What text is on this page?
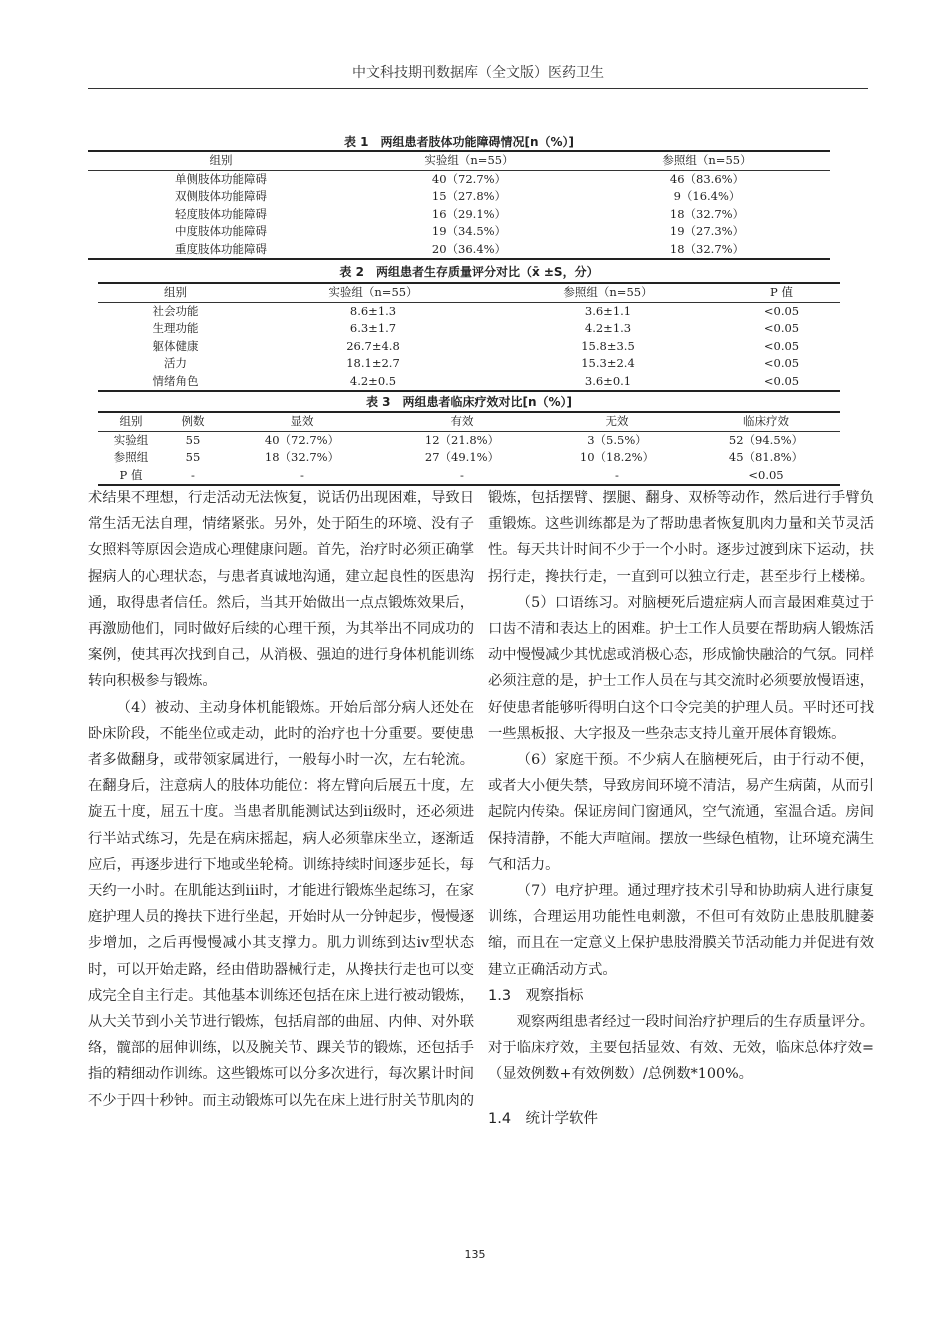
中文科技期刊数据库（全文版）医药卫生
表 1　两组患者肢体功能障碍情况[n（%）]
组别	实验组（n=55）	参照组（n=55）
单侧肢体功能障碍	40（72.7%）	46（83.6%）
双侧肢体功能障碍	15（27.8%）	9（16.4%）
轻度肢体功能障碍	16（29.1%）	18（32.7%）
中度肢体功能障碍	19（34.5%）	19（27.3%）
重度肢体功能障碍	20（36.4%）	18（32.7%）
表 2　两组患者生存质量评分对比（x̄ ±S，分）
组别	实验组（n=55）	参照组（n=55）	P 值
社会功能	8.6±1.3	3.6±1.1	<0.05
生理功能	6.3±1.7	4.2±1.3	<0.05
躯体健康	26.7±4.8	15.8±3.5	<0.05
活力	18.1±2.7	15.3±2.4	<0.05
情绪角色	4.2±0.5	3.6±0.1	<0.05
表 3　两组患者临床疗效对比[n（%）]
组别	例数	显效	有效	无效	临床疗效
实验组	55	40（72.7%）	12（21.8%）	3（5.5%）	52（94.5%）
参照组	55	18（32.7%）	27（49.1%）	10（18.2%）	45（81.8%）
P 值	-	-	-	-	<0.05

术结果不理想，行走活动无法恢复，说话仍出现困难，导致日常生活无法自理，情绪紧张。另外，处于陌生的环境、没有子女照料等原因会造成心理健康问题。首先，治疗时必须正确掌握病人的心理状态，与患者真诚地沟通，建立起良性的医患沟通，取得患者信任。然后，当其开始做出一点点锻炼效果后，再激励他们，同时做好后续的心理干预，为其举出不同成功的案例，使其再次找到自己，从消极、强迫的进行身体机能训练转向积极参与锻炼。

（4）被动、主动身体机能锻炼。开始后部分病人还处在卧床阶段，不能坐位或走动，此时的治疗也十分重要。要使患者多做翻身，或带领家属进行，一般每小时一次，左右轮流。在翻身后，注意病人的肢体功能位：将左臂向后展五十度，左旋五十度，屈五十度。当患者肌能测试达到ⅱ级时，还必须进行半站式练习，先是在病床摇起，病人必须靠床坐立，逐渐适应后，再逐步进行下地或坐轮椅。训练持续时间逐步延长，每天约一小时。在肌能达到ⅲ时，才能进行锻炼坐起练习，在家庭护理人员的搀扶下进行坐起，开始时从一分钟起步，慢慢逐步增加，之后再慢慢减小其支撑力。肌力训练到达ⅳ型状态时，可以开始走路，经由借助器械行走，从搀扶行走也可以变成完全自主行走。其他基本训练还包括在床上进行被动锻炼，从大关节到小关节进行锻炼，包括肩部的曲屈、内伸、对外联络，髋部的屈伸训练，以及腕关节、踝关节的锻炼，还包括手指的精细动作训练。这些锻炼可以分多次进行，每次累计时间不少于四十秒钟。而主动锻炼可以先在床上进行肘关节肌肉的

锻炼，包括摆臂、摆腿、翻身、双桥等动作，然后进行手臂负重锻炼。这些训练都是为了帮助患者恢复肌肉力量和关节灵活性。每天共计时间不少于一个小时。逐步过渡到床下运动，扶拐行走，搀扶行走，一直到可以独立行走，甚至步行上楼梯。

（5）口语练习。对脑梗死后遗症病人而言最困难莫过于口齿不清和表达上的困难。护士工作人员要在帮助病人锻炼活动中慢慢减少其忧虑或消极心态，形成愉快融洽的气氛。同样必须注意的是，护士工作人员在与其交流时必须要放慢语速，好使患者能够听得明白这个口令完美的护理人员。平时还可找一些黑板报、大字报及一些杂志支持儿童开展体育锻炼。

（6）家庭干预。不少病人在脑梗死后，由于行动不便，或者大小便失禁，导致房间环境不清洁，易产生病菌，从而引起院内传染。保证房间门窗通风，空气流通，室温合适。房间保持清静，不能大声喧闹。摆放一些绿色植物，让环境充满生气和活力。

（7）电疗护理。通过理疗技术引导和协助病人进行康复训练，合理运用功能性电刺激，不但可有效防止患肢肌腱萎缩，而且在一定意义上保护患肢滑膜关节活动能力并促进有效建立正确活动方式。

1.3　观察指标

观察两组患者经过一段时间治疗护理后的生存质量评分。对于临床疗效，主要包括显效、有效、无效，临床总体疗效=（显效例数+有效例数）/总例数*100%。

1.4　统计学软件

135
